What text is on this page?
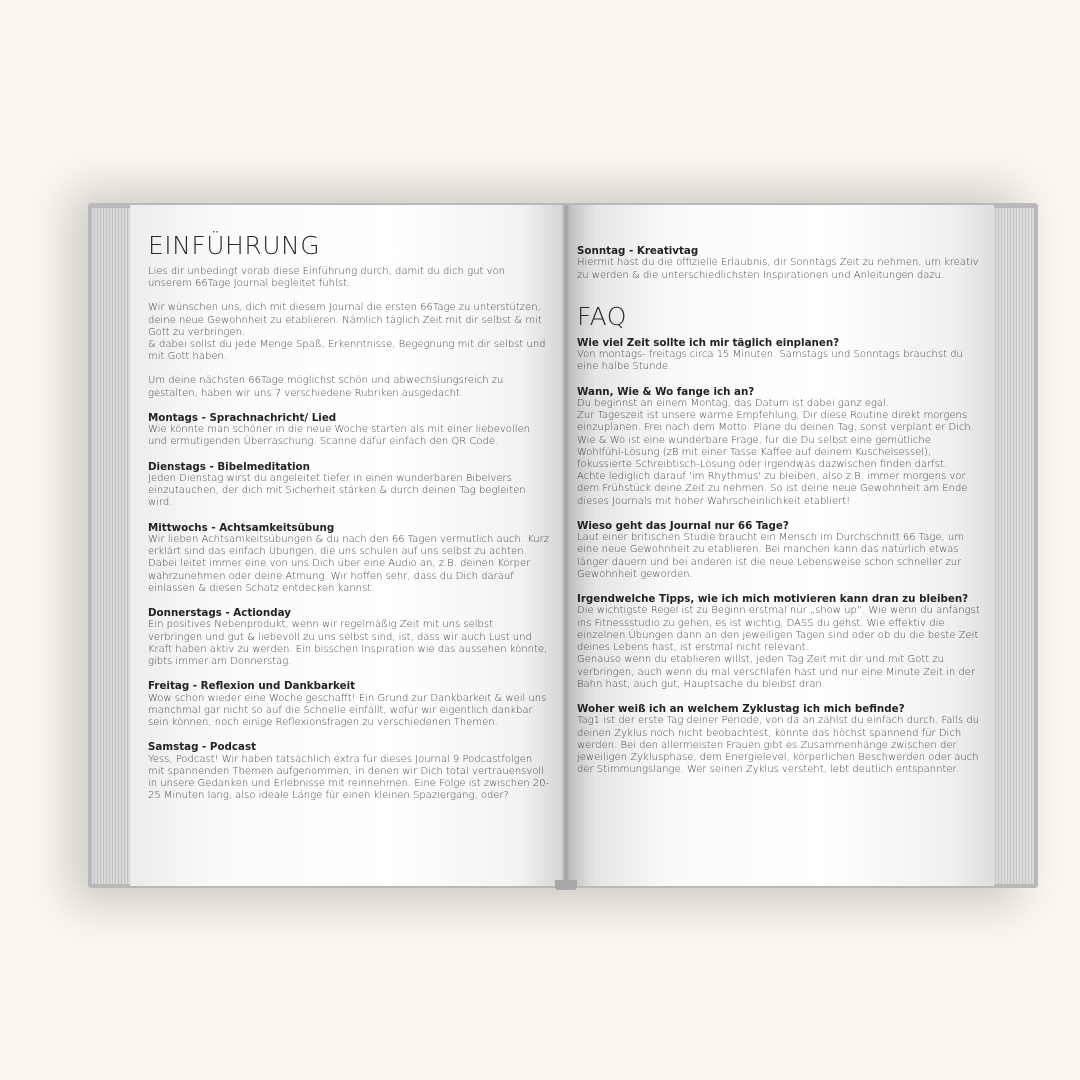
EINFÜHRUNG

Lies dir unbedingt vorab diese Einführung durch, damit du dich gut von unserem 66Tage Journal begleitet fühlst.

Wir wünschen uns, dich mit diesem Journal die ersten 66Tage zu unterstützen, deine neue Gewohnheit zu etablieren. Nämlich täglich Zeit mit dir selbst & mit Gott zu verbringen.
& dabei sollst du jede Menge Spaß, Erkenntnisse, Begegnung mit dir selbst und mit Gott haben.

Um deine nächsten 66Tage möglichst schön und abwechslungsreich zu gestalten, haben wir uns 7 verschiedene Rubriken ausgedacht.

Montags - Sprachnachricht/ Lied

Wie könnte man schöner in die neue Woche starten als mit einer liebevollen und ermutigenden Überraschung. Scanne dafür einfach den QR Code.

Dienstags - Bibelmeditation

Jeden Dienstag wirst du angeleitet tiefer in einen wunderbaren Bibelvers einzutauchen, der dich mit Sicherheit stärken & durch deinen Tag begleiten wird.

Mittwochs - Achtsamkeitsübung

Wir lieben Achtsamkeitsübungen & du nach den 66 Tagen vermutlich auch. Kurz erklärt sind das einfach Übungen, die uns schulen auf uns selbst zu achten. Dabei leitet immer eine von uns Dich über eine Audio an, z.B. deinen Körper wahrzunehmen oder deine Atmung. Wir hoffen sehr, dass du Dich darauf einlassen & diesen Schatz entdecken kannst.

Donnerstags - Actionday

Ein positives Nebenprodukt, wenn wir regelmäßig Zeit mit uns selbst verbringen und gut & liebevoll zu uns selbst sind, ist, dass wir auch Lust und Kraft haben aktiv zu werden. Ein bisschen Inspiration wie das aussehen könnte, gibts immer am Donnerstag.

Freitag - Reflexion und Dankbarkeit

Wow schon wieder eine Woche geschafft! Ein Grund zur Dankbarkeit & weil uns manchmal gar nicht so auf die Schnelle einfällt, wofür wir eigentlich dankbar sein können, noch einige Reflexionsfragen zu verschiedenen Themen.

Samstag - Podcast

Yess, Podcast! Wir haben tatsächlich extra für dieses Journal 9 Podcastfolgen mit spannenden Themen aufgenommen, in denen wir Dich total vertrauensvoll in unsere Gedanken und Erlebnisse mit reinnehmen. Eine Folge ist zwischen 20-25 Minuten lang, also ideale Länge für einen kleinen Spaziergang, oder?

Sonntag - Kreativtag

Hiermit hast du die offizielle Erlaubnis, dir Sonntags Zeit zu nehmen, um kreativ zu werden & die unterschiedlichsten Inspirationen und Anleitungen dazu.

FAQ
Wie viel Zeit sollte ich mir täglich einplanen?

Von montags- freitags circa 15 Minuten. Samstags und Sonntags brauchst du eine halbe Stunde.

Wann, Wie & Wo fange ich an?

Du beginnst an einem Montag, das Datum ist dabei ganz egal.
Zur Tageszeit ist unsere warme Empfehlung, Dir diese Routine direkt morgens einzuplanen. Frei nach dem Motto: Plane du deinen Tag, sonst verplant er Dich.
Wie & Wo ist eine wunderbare Frage, für die Du selbst eine gemütliche Wohlfühl-Lösung (zB mit einer Tasse Kaffee auf deinem Kuschelsessel), fokussierte Schreibtisch-Lösung oder irgendwas dazwischen finden darfst.
Achte lediglich darauf 'im Rhythmus' zu bleiben, also z.B. immer morgens vor dem Frühstück deine Zeit zu nehmen. So ist deine neue Gewohnheit am Ende dieses Journals mit hoher Wahrscheinlichkeit etabliert!

Wieso geht das Journal nur 66 Tage?

Laut einer britischen Studie braucht ein Mensch im Durchschnitt 66 Tage, um eine neue Gewohnheit zu etablieren. Bei manchen kann das natürlich etwas länger dauern und bei anderen ist die neue Lebensweise schon schneller zur Gewohnheit geworden.

Irgendwelche Tipps, wie ich mich motivieren kann dran zu bleiben?

Die wichtigste Regel ist zu Beginn erstmal nur „show up“. Wie wenn du anfängst ins Fitnessstudio zu gehen, es ist wichtig, DASS du gehst. Wie effektiv die einzelnen Übungen dann an den jeweiligen Tagen sind oder ob du die beste Zeit deines Lebens hast, ist erstmal nicht relevant.
Genauso wenn du etablieren willst, jeden Tag Zeit mit dir und mit Gott zu verbringen, auch wenn du mal verschlafen hast und nur eine Minute Zeit in der Bahn hast, auch gut, Hauptsache du bleibst dran.

Woher weiß ich an welchem Zyklustag ich mich befinde?

Tag1 ist der erste Tag deiner Periode, von da an zählst du einfach durch. Falls du deinen Zyklus noch nicht beobachtest, könnte das höchst spannend für Dich werden. Bei den allermeisten Frauen gibt es Zusammenhänge zwischen der jeweiligen Zyklusphase, dem Energielevel, körperlichen Beschwerden oder auch der Stimmungslange. Wer seinen Zyklus versteht, lebt deutlich entspannter.
